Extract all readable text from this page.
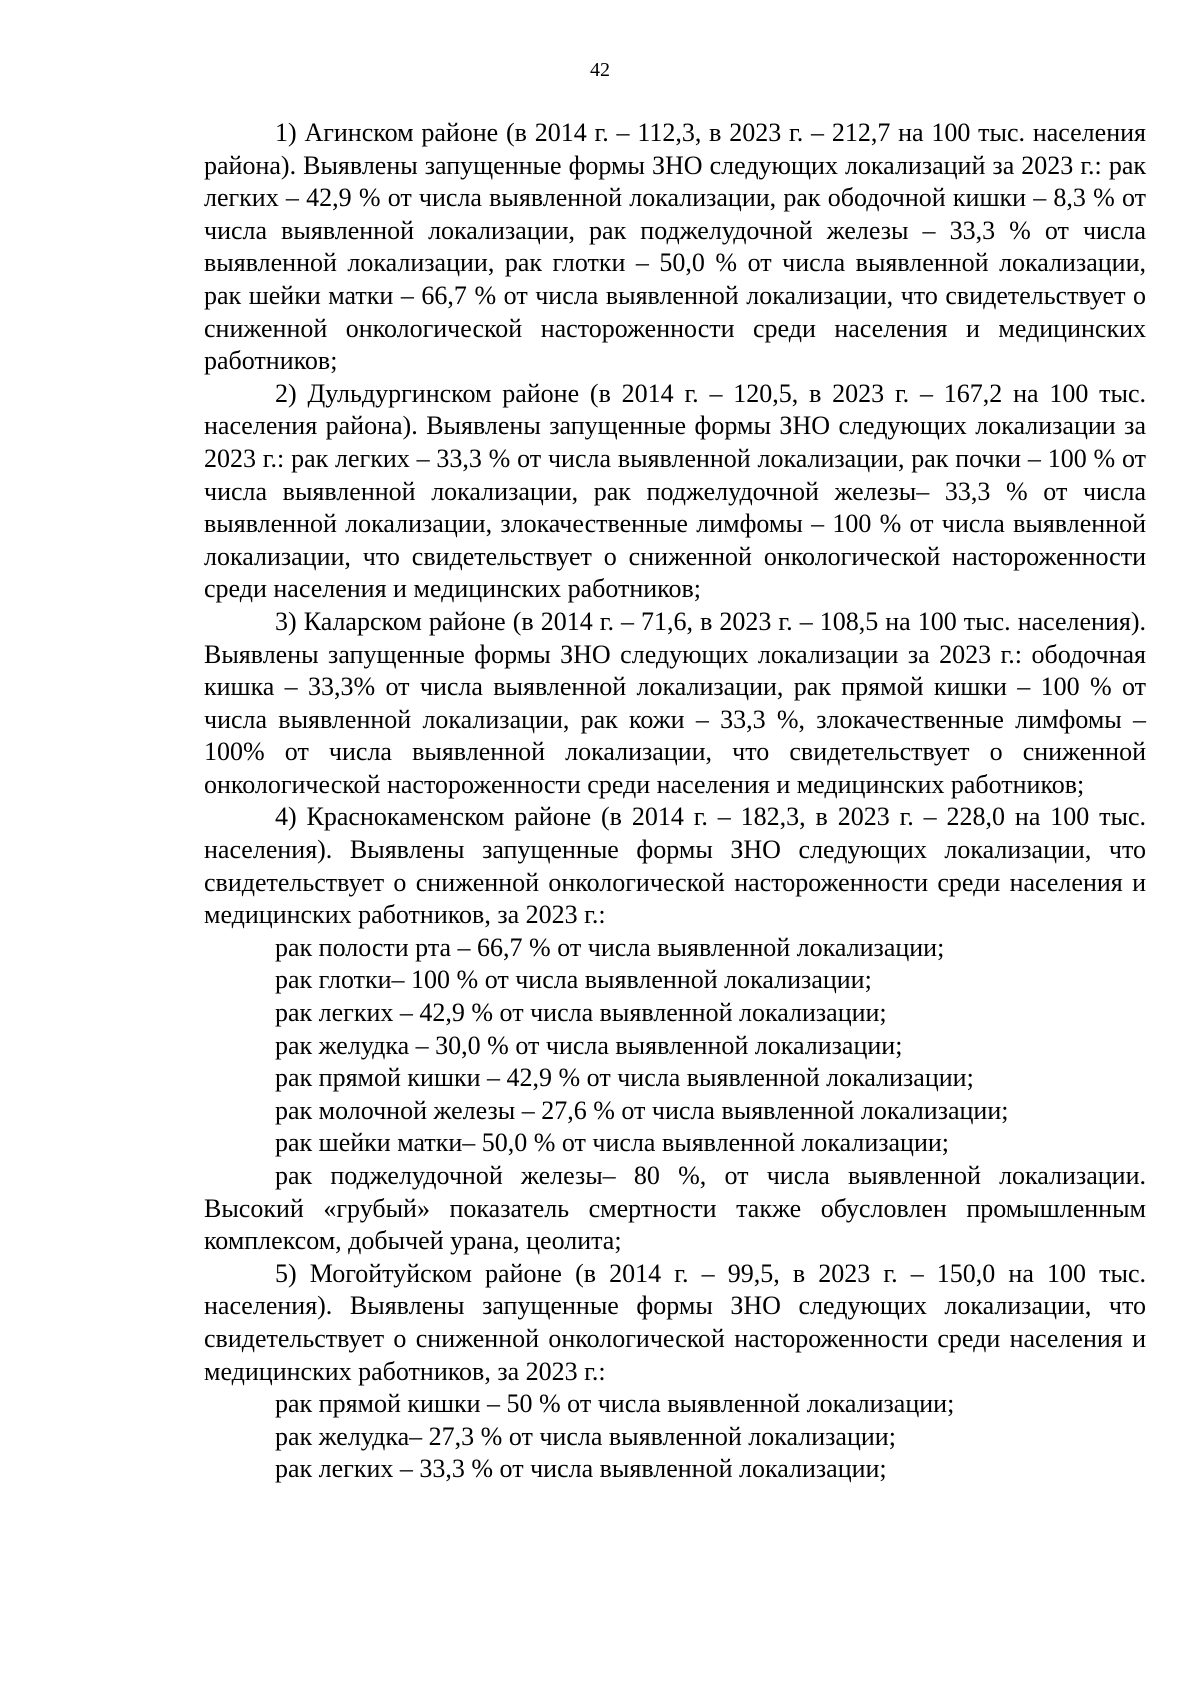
42

1) Агинском районе (в 2014 г. – 112,3, в 2023 г. – 212,7 на 100 тыс. населения района). Выявлены запущенные формы ЗНО следующих локализаций за 2023 г.: рак легких – 42,9 % от числа выявленной локализации, рак ободочной кишки – 8,3 % от числа выявленной локализации, рак поджелудочной железы – 33,3 % от числа выявленной локализации, рак глотки – 50,0 % от числа выявленной локализации, рак шейки матки – 66,7 % от числа выявленной локализации, что свидетельствует о сниженной онкологической настороженности среди населения и медицинских работников;

2) Дульдургинском районе (в 2014 г. – 120,5, в 2023 г. – 167,2 на 100 тыс. населения района). Выявлены запущенные формы ЗНО следующих локализации за 2023 г.: рак легких – 33,3 % от числа выявленной локализации, рак почки – 100 % от числа выявленной локализации, рак поджелудочной железы– 33,3 % от числа выявленной локализации, злокачественные лимфомы – 100 % от числа выявленной локализации, что свидетельствует о сниженной онкологической настороженности среди населения и медицинских работников;

3) Каларском районе (в 2014 г. – 71,6, в 2023 г. – 108,5 на 100 тыс. населения). Выявлены запущенные формы ЗНО следующих локализации за 2023 г.: ободочная кишка – 33,3% от числа выявленной локализации, рак прямой кишки – 100 % от числа выявленной локализации, рак кожи – 33,3 %, злокачественные лимфомы – 100% от числа выявленной локализации, что свидетельствует о сниженной онкологической настороженности среди населения и медицинских работников;

4) Краснокаменском районе (в 2014 г. – 182,3, в 2023 г. – 228,0 на 100 тыс. населения). Выявлены запущенные формы ЗНО следующих локализации, что свидетельствует о сниженной онкологической настороженности среди населения и медицинских работников, за 2023 г.:

рак полости рта – 66,7 % от числа выявленной локализации;
рак глотки– 100 % от числа выявленной локализации;
рак легких – 42,9 % от числа выявленной локализации;
рак желудка – 30,0 % от числа выявленной локализации;
рак прямой кишки – 42,9 % от числа выявленной локализации;
рак молочной железы – 27,6 % от числа выявленной локализации;
рак шейки матки– 50,0 % от числа выявленной локализации;

рак поджелудочной железы– 80 %, от числа выявленной локализации. Высокий «грубый» показатель смертности также обусловлен промышленным комплексом, добычей урана, цеолита;

5) Могойтуйском районе (в 2014 г. – 99,5, в 2023 г. – 150,0 на 100 тыс. населения). Выявлены запущенные формы ЗНО следующих локализации, что свидетельствует о сниженной онкологической настороженности среди населения и медицинских работников, за 2023 г.:

рак прямой кишки – 50 % от числа выявленной локализации;
рак желудка– 27,3 % от числа выявленной локализации;
рак легких – 33,3 % от числа выявленной локализации;
